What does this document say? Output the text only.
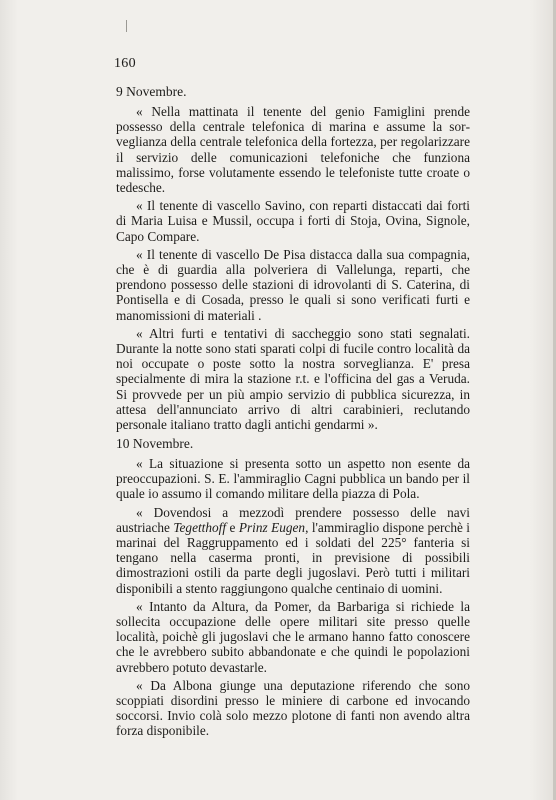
160
9 Novembre.

« Nella mattinata il tenente del genio Famiglini prende possesso della centrale telefonica di marina e assume la sorveglianza della centrale telefonica della fortezza, per regolarizzare il servizio delle comunicazioni telefoniche che funziona malissimo, forse volutamente essendo le telefoniste tutte croate o tedesche.

« Il tenente di vascello Savino, con reparti distaccati dai forti di Maria Luisa e Mussil, occupa i forti di Stoja, Ovina, Signole, Capo Compare.

« Il tenente di vascello De Pisa distacca dalla sua compagnia, che è di guardia alla polveriera di Vallelunga, reparti, che prendono possesso delle stazioni di idrovolanti di S. Caterina, di Pontisella e di Cosada, presso le quali si sono verificati furti e manomissioni di materiali .

« Altri furti e tentativi di saccheggio sono stati segnalati. Durante la notte sono stati sparati colpi di fucile contro località da noi occupate o poste sotto la nostra sorveglianza. E' presa specialmente di mira la stazione r.t. e l'officina del gas a Veruda. Si provvede per un più ampio servizio di pubblica sicurezza, in attesa dell'annunciato arrivo di altri carabinieri, reclutando personale italiano tratto dagli antichi gendarmi ».

10 Novembre.

« La situazione si presenta sotto un aspetto non esente da preoccupazioni. S. E. l'ammiraglio Cagni pubblica un bando per il quale io assumo il comando militare della piazza di Pola.

« Dovendosi a mezzodì prendere possesso delle navi austriache Tegetthoff e Prinz Eugen, l'ammiraglio dispone perchè i marinai del Raggruppamento ed i soldati del 225° fanteria si tengano nella caserma pronti, in previsione di possibili dimostrazioni ostili da parte degli jugoslavi. Però tutti i militari disponibili a stento raggiungono qualche centinaio di uomini.

« Intanto da Altura, da Pomer, da Barbariga si richiede la sollecita occupazione delle opere militari site presso quelle località, poichè gli jugoslavi che le armano hanno fatto conoscere che le avrebbero subito abbandonate e che quindi le popolazioni avrebbero potuto devastarle.

« Da Albona giunge una deputazione riferendo che sono scoppiati disordini presso le miniere di carbone ed invocando soccorsi. Invio colà solo mezzo plotone di fanti non avendo altra forza disponibile.
